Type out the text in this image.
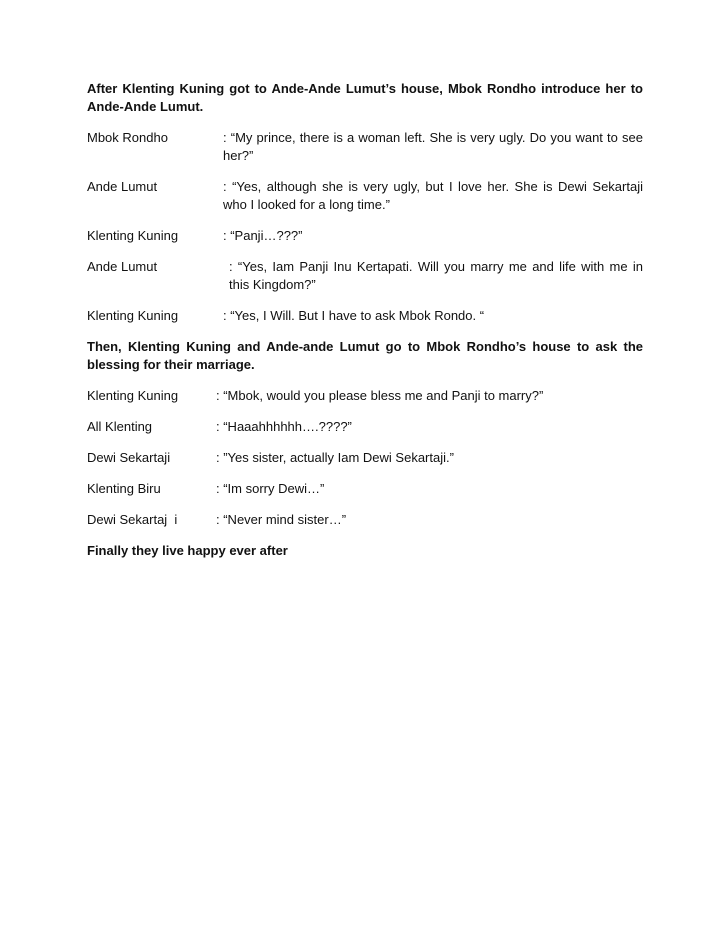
After Klenting Kuning got to Ande-Ande Lumut’s house, Mbok Rondho introduce her to Ande-Ande Lumut.

Mbok Rondho	: “My prince, there is a woman left. She is very ugly. Do you want to see her?”
Ande Lumut	: “Yes, although she is very ugly, but I love her. She is Dewi Sekartaji who I looked for a long time.”
Klenting Kuning	: “Panji…???”
Ande Lumut	: “Yes, Iam Panji Inu Kertapati. Will you marry me and life with me in this Kingdom?”
Klenting Kuning	: “Yes, I Will. But I have to ask Mbok Rondo. “

Then, Klenting Kuning and Ande-ande Lumut go to Mbok Rondho’s house to ask the blessing for their marriage.

Klenting Kuning	: “Mbok, would you please bless me and Panji to marry?”
All Klenting	: “Haaahhhhhh….????”
Dewi Sekartaji	: ”Yes sister, actually Iam Dewi Sekartaji.”
Klenting Biru	: “Im sorry Dewi…”
Dewi Sekartaj  i	: “Never mind sister…”

Finally they live happy ever after
